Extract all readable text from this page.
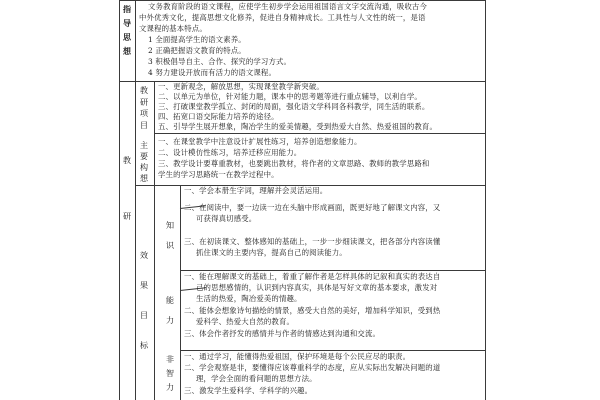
指导思想
文务教育阶段的语文课程，应使学生初步学会运用祖国语言文字交流沟通，吸收古今
中外优秀文化，提高思想文化修养，促进自身精神成长。工具性与人文性的统一，是语
文课程的基本特点。
1 全面提高学生的语文素养。
2 正确把握语文教育的特点。
3 积极倡导自主、合作、探究的学习方式。
4 努力建设开放而有活力的语文课程。
教研
教研项目
一、更新观念，解放思想，实现课堂教学新突破。
二、以单元为单位，针对能力题，课本中的思考题等进行重点辅导，以利自学。
三、打破课堂教学孤立、封闭的局面，强化语文学科同各科教学，同生活的联系。
四、拓宽口语交际能力培养的途径。
五、引导学生展开想象，陶冶学生的爱美情趣，受到热爱大自然、热爱祖国的教育。
主要构想
一、在课堂教学中注意设计扩展性练习，培养创造想象能力。
二、设计模仿性练习，培养迁移应用能力。
三、教学设计要尊重教材，也要跳出教材，将作者的文章思路、教师的教学思路和
学生的学习思路统一在教学过程中。
效果目标
知识
一、学会本册生字词，理解并会灵活运用。
二、在阅读中，要一边读一边在头脑中形成画面，既更好地了解课文内容，又
可获得真切感受。
三、在初读课文、整体感知的基础上，一步一步细读课文，把各部分内容读懂
抓住课文的主要内容，提高自己的阅读能力。
能力
一、能在理解课文的基础上，着重了解作者是怎样具体的记叙和真实的表达自
己的思想感情的，认识到内容真实，具体是写好文章的基本要求，激发对
生活的热爱，陶冶爱美的情趣。
二、能体会想象诗句描绘的情景，感受大自然的美好，增加科学知识，受到热
爱科学、热爱大自然的教育。
三、体会作者抒发的感情并与作者的情感达到沟通和交流。
非智力
一、通过学习，能懂得热爱祖国，保护环境是每个公民应尽的职责。
二、学会观察是非，要懂得应该尊重科学的态度，应从实际出发解决问题的道
理，学会全面的看问题的思想方法。
三、激发学生爱科学、学科学的兴趣。
